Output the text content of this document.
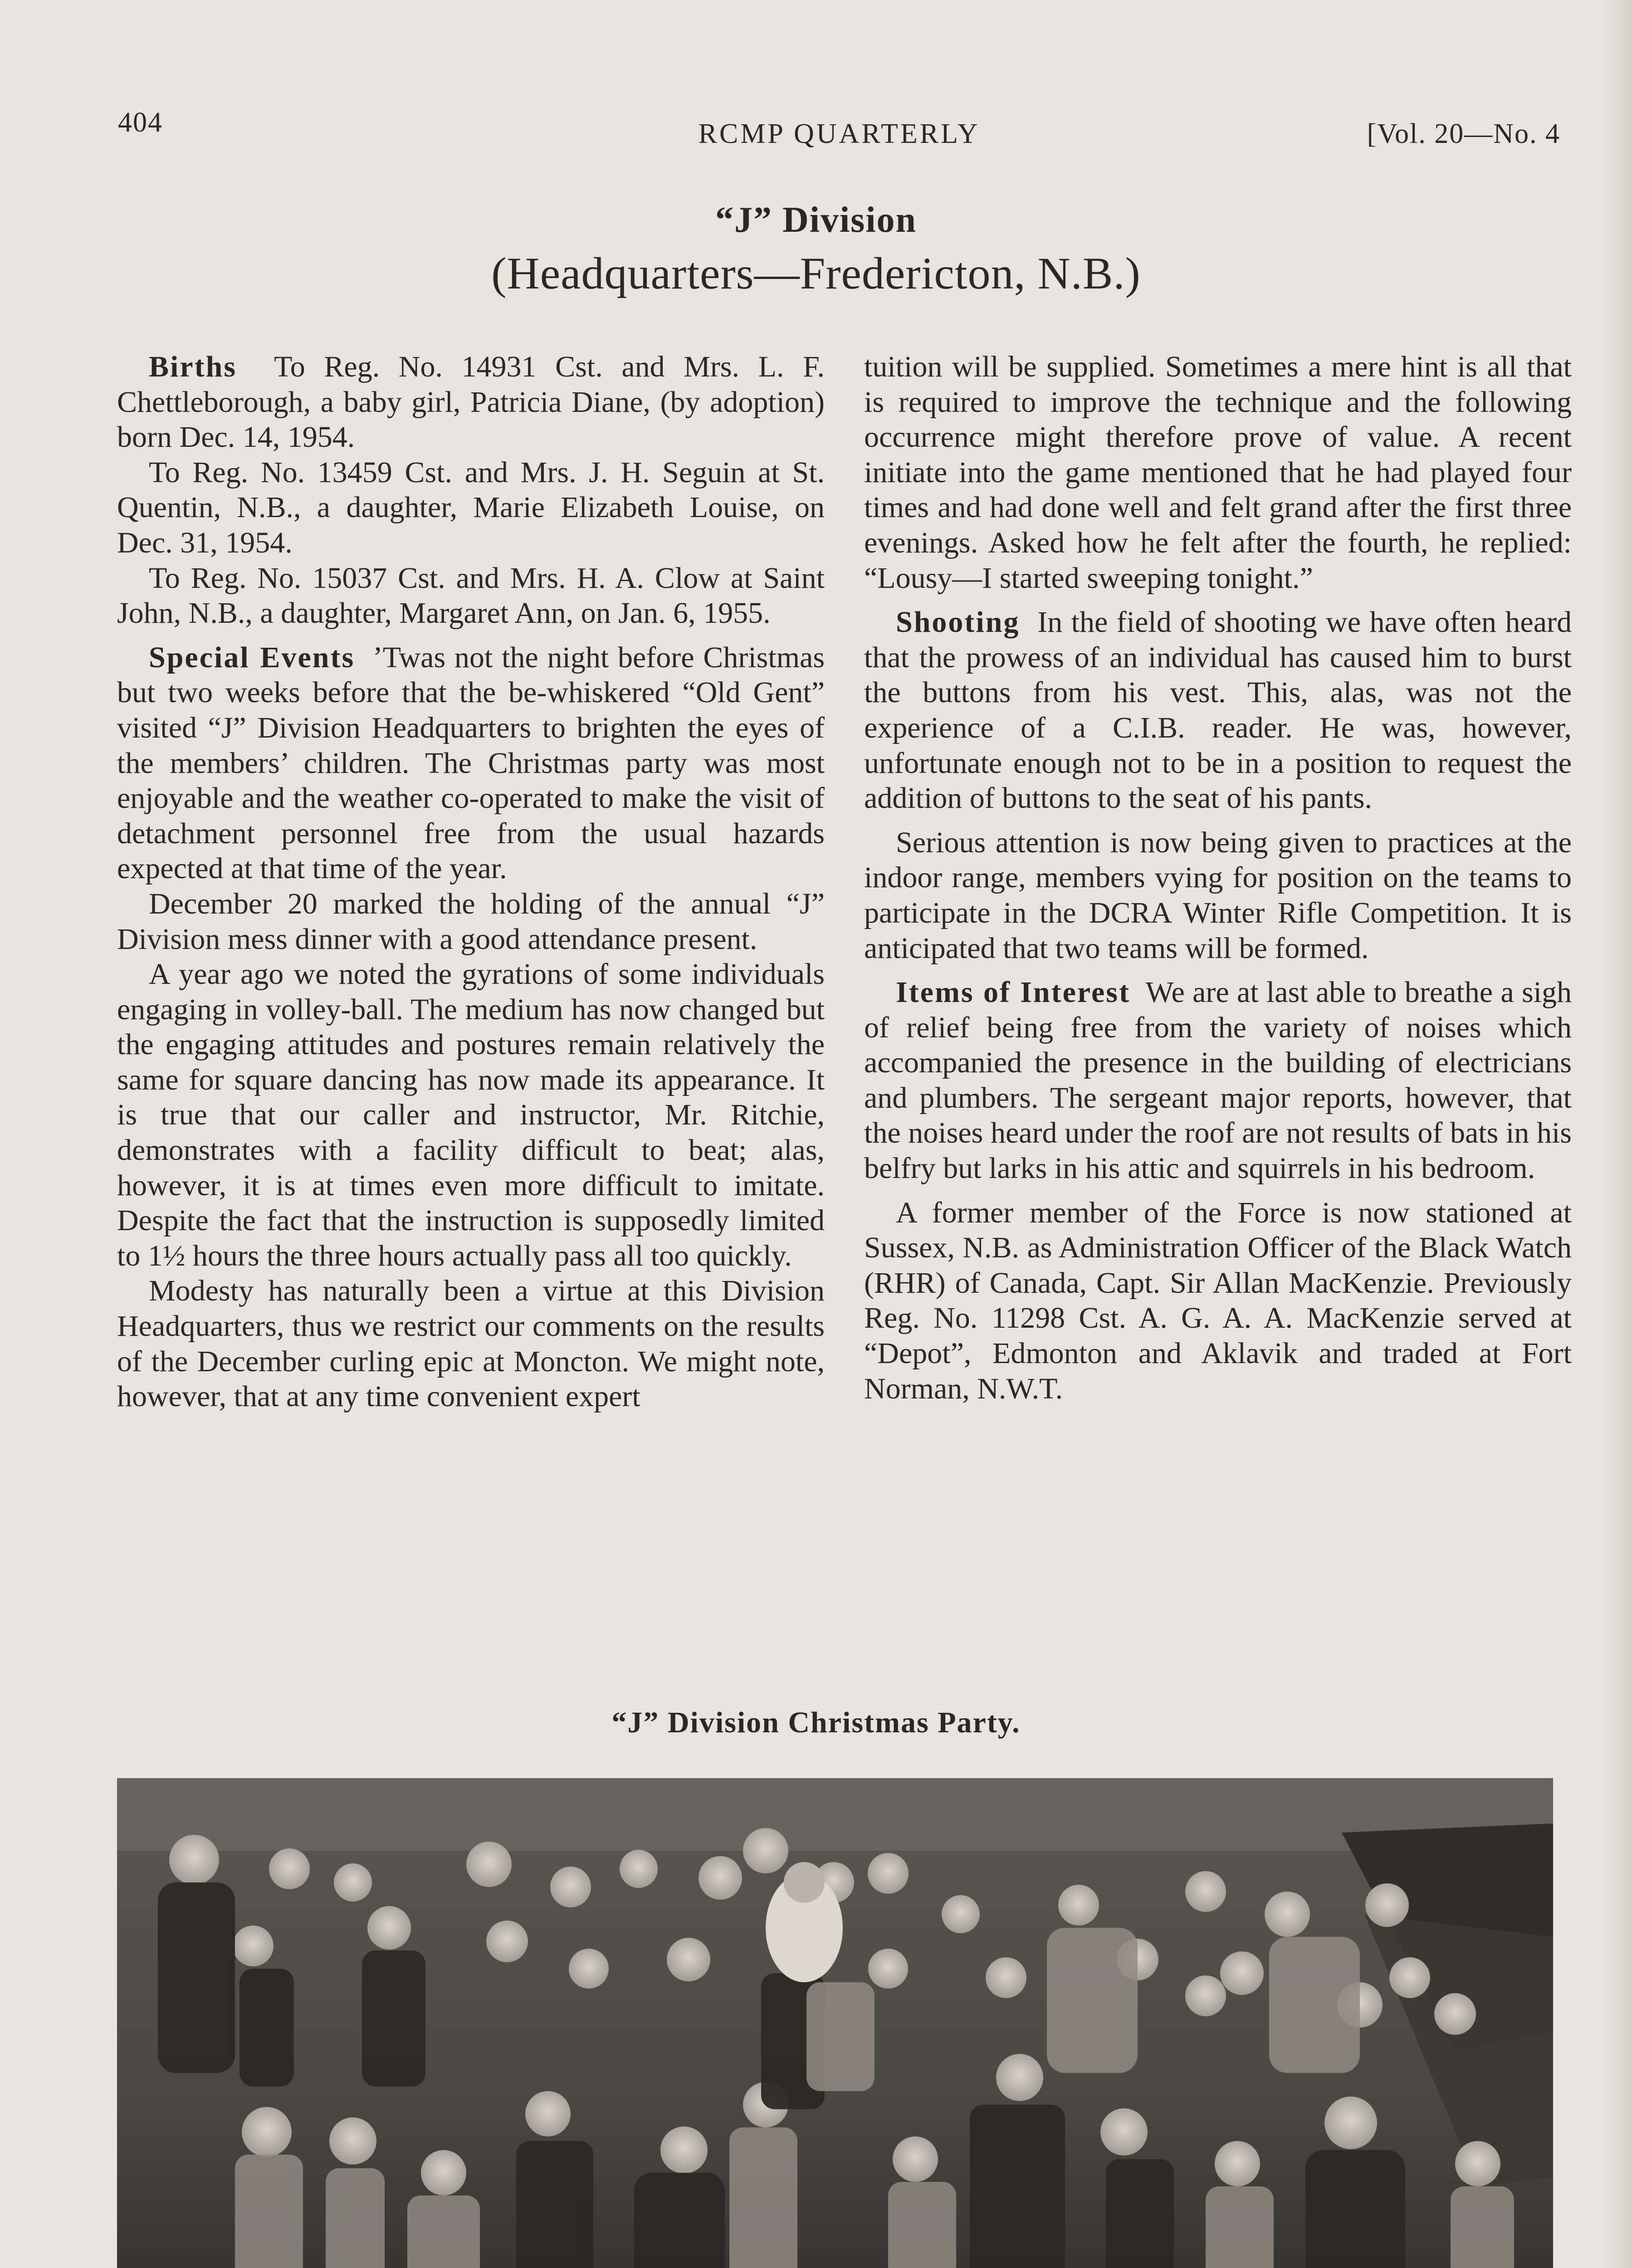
404	RCMP QUARTERLY	[Vol. 20—No. 4
“J” Division
(Headquarters—Fredericton, N.B.)

Births To Reg. No. 14931 Cst. and Mrs. L. F. Chettleborough, a baby girl, Patricia Diane, (by adoption) born Dec. 14, 1954.

To Reg. No. 13459 Cst. and Mrs. J. H. Seguin at St. Quentin, N.B., a daughter, Marie Elizabeth Louise, on Dec. 31, 1954.

To Reg. No. 15037 Cst. and Mrs. H. A. Clow at Saint John, N.B., a daughter, Margaret Ann, on Jan. 6, 1955.

Special Events ’Twas not the night before Christmas but two weeks before that the be-whiskered “Old Gent” visited “J” Division Headquarters to brighten the eyes of the members’ children. The Christmas party was most enjoyable and the weather co-operated to make the visit of detachment personnel free from the usual hazards expected at that time of the year.

December 20 marked the holding of the annual “J” Division mess dinner with a good attendance present.

A year ago we noted the gyrations of some individuals engaging in volley-ball. The medium has now changed but the engaging attitudes and postures remain relatively the same for square dancing has now made its appearance. It is true that our caller and instructor, Mr. Ritchie, demonstrates with a facility difficult to beat; alas, however, it is at times even more difficult to imitate. Despite the fact that the instruction is supposedly limited to 1½ hours the three hours actually pass all too quickly.

Modesty has naturally been a virtue at this Division Headquarters, thus we restrict our comments on the results of the December curling epic at Moncton. We might note, however, that at any time convenient expert

tuition will be supplied. Sometimes a mere hint is all that is required to improve the technique and the following occurrence might therefore prove of value. A recent initiate into the game mentioned that he had played four times and had done well and felt grand after the first three evenings. Asked how he felt after the fourth, he replied: “Lousy—I started sweeping tonight.”

Shooting In the field of shooting we have often heard that the prowess of an individual has caused him to burst the buttons from his vest. This, alas, was not the experience of a C.I.B. reader. He was, however, unfortunate enough not to be in a position to request the addition of buttons to the seat of his pants.

Serious attention is now being given to practices at the indoor range, members vying for position on the teams to participate in the DCRA Winter Rifle Competition. It is anticipated that two teams will be formed.

Items of Interest We are at last able to breathe a sigh of relief being free from the variety of noises which accompanied the presence in the building of electricians and plumbers. The sergeant major reports, however, that the noises heard under the roof are not results of bats in his belfry but larks in his attic and squirrels in his bedroom.

A former member of the Force is now stationed at Sussex, N.B. as Administration Officer of the Black Watch (RHR) of Canada, Capt. Sir Allan MacKenzie. Previously Reg. No. 11298 Cst. A. G. A. A. MacKenzie served at “Depot”, Edmonton and Aklavik and traded at Fort Norman, N.W.T.

“J” Division Christmas Party.
